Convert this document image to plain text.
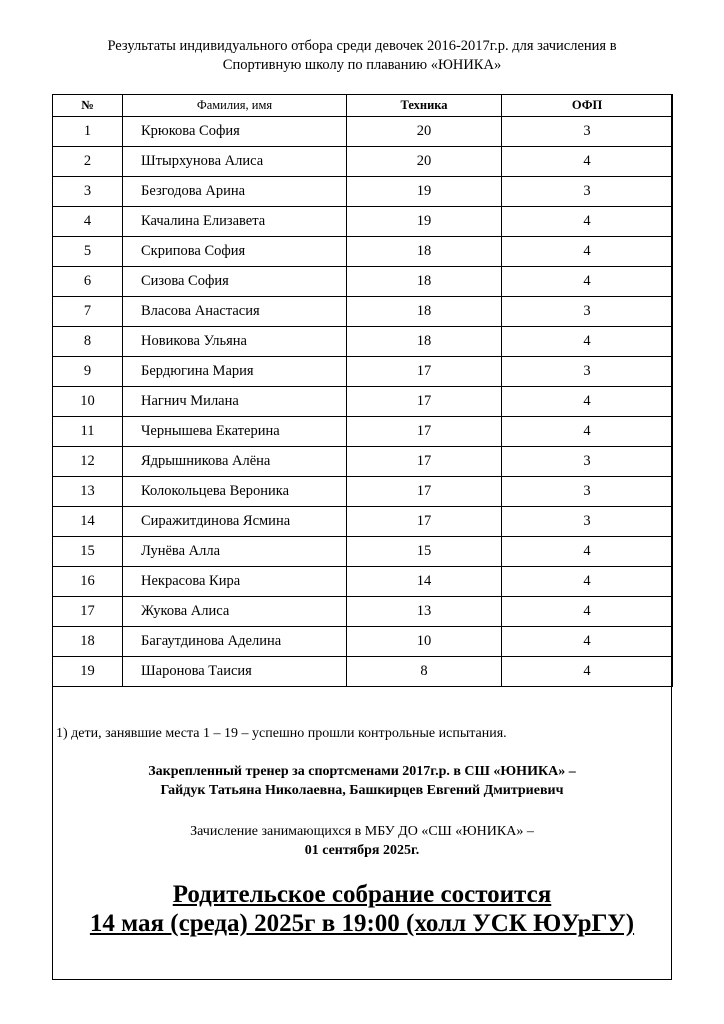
Результаты индивидуального отбора среди девочек 2016-2017г.р. для зачисления в
Спортивную школу по плаванию «ЮНИКА»
№	Фамилия, имя	Техника	ОФП
1	Крюкова София	20	3
2	Штырхунова Алиса	20	4
3	Безгодова Арина	19	3
4	Качалина Елизавета	19	4
5	Скрипова София	18	4
6	Сизова София	18	4
7	Власова Анастасия	18	3
8	Новикова Ульяна	18	4
9	Бердюгина Мария	17	3
10	Нагнич Милана	17	4
11	Чернышева Екатерина	17	4
12	Ядрышникова Алёна	17	3
13	Колокольцева Вероника	17	3
14	Сиражитдинова Ясмина	17	3
15	Лунёва Алла	15	4
16	Некрасова Кира	14	4
17	Жукова Алиса	13	4
18	Багаутдинова Аделина	10	4
19	Шаронова Таисия	8	4
1) дети, занявшие места 1 – 19 – успешно прошли контрольные испытания.
Закрепленный тренер за спортсменами 2017г.р. в СШ «ЮНИКА» –
Гайдук Татьяна Николаевна, Башкирцев Евгений Дмитриевич
Зачисление занимающихся в МБУ ДО «СШ «ЮНИКА» –
01 сентября 2025г.
Родительское собрание состоится
14 мая (среда) 2025г в 19:00 (холл УСК ЮУрГУ)
